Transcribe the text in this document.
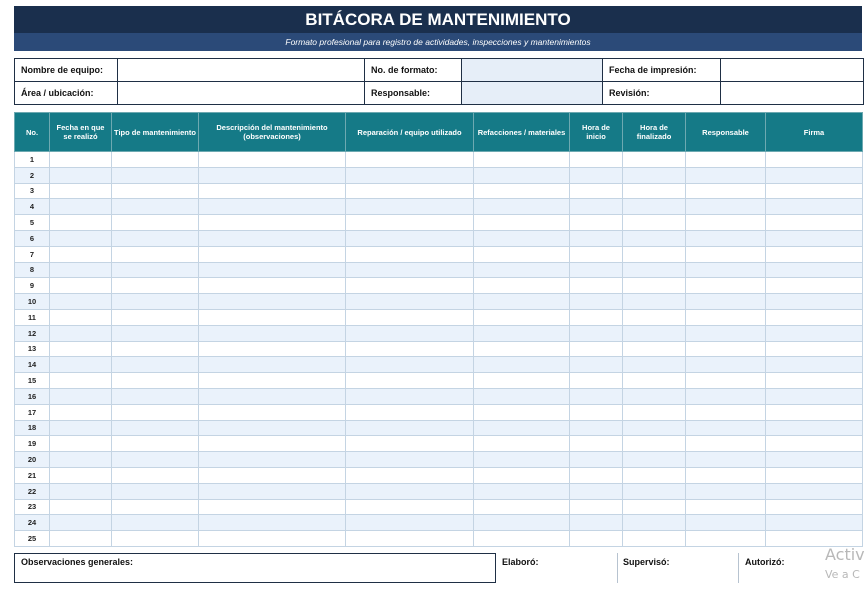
BITÁCORA DE MANTENIMIENTO
Formato profesional para registro de actividades, inspecciones y mantenimientos
Nombre de equipo:		No. de formato:		Fecha de impresión:	
Área / ubicación:		Responsable:		Revisión:	
No.	Fecha en que se realizó	Tipo de mantenimiento	Descripción del mantenimiento (observaciones)	Reparación / equipo utilizado	Refacciones / materiales	Hora de inicio	Hora de finalizado	Responsable	Firma
1									
2									
3									
4									
5									
6									
7									
8									
9									
10									
11									
12									
13									
14									
15									
16									
17									
18									
19									
20									
21									
22									
23									
24									
25									
Observaciones generales:	Elaboró:	Supervisó:	Autorizó:	Activ
Ve a C
